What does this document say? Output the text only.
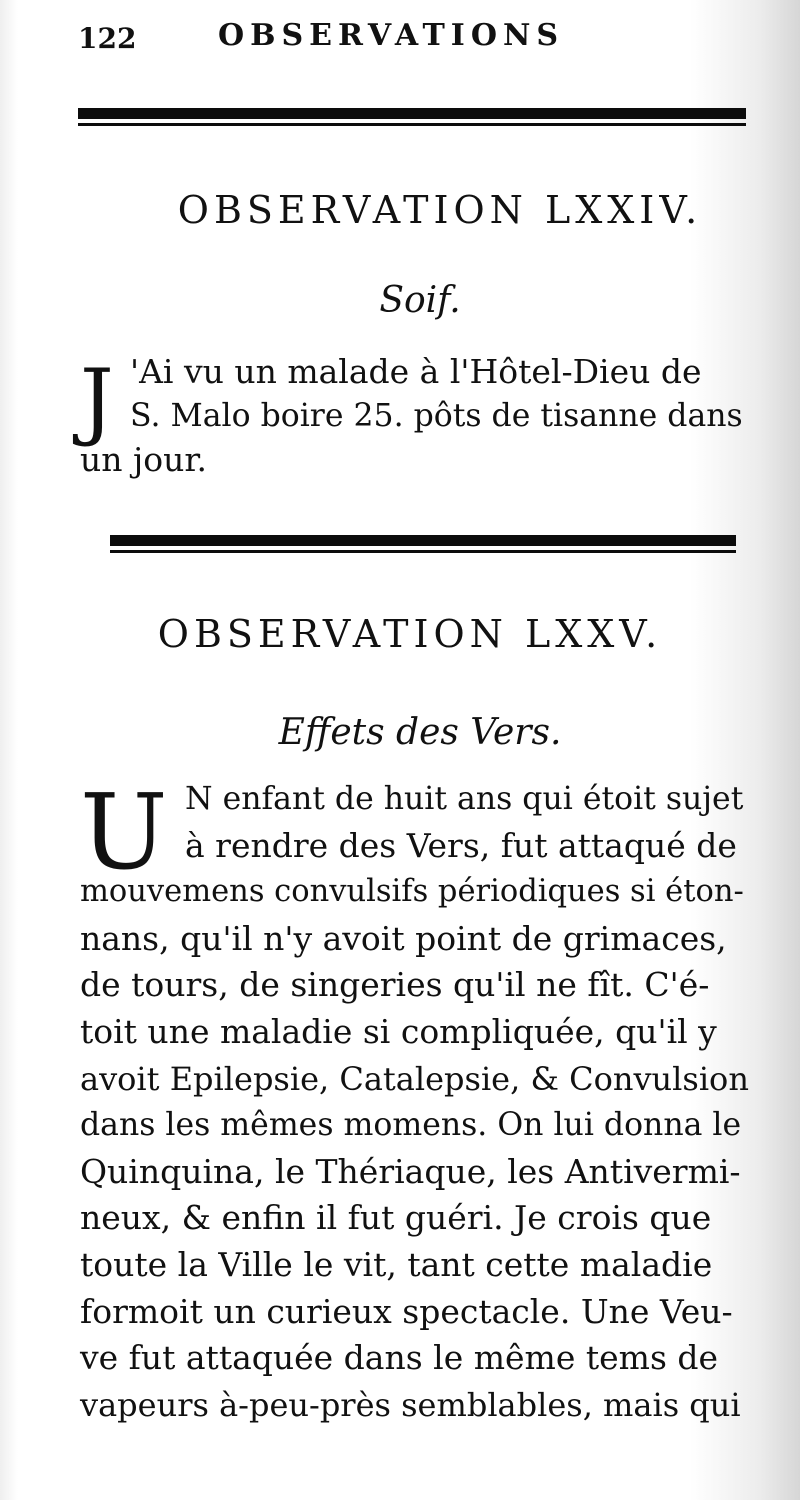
122	OBSERVATIONS
OBSERVATION LXXIV.
Soif.
J 'Ai vu un malade à l'Hôtel-Dieu de
S. Malo boire 25. pôts de tisanne dans
un jour.
OBSERVATION LXXV.
Effets des Vers.
U N enfant de huit ans qui étoit sujet
à rendre des Vers, fut attaqué de
mouvemens convulsifs périodiques si éton-
nans, qu'il n'y avoit point de grimaces,
de tours, de singeries qu'il ne fît. C'é-
toit une maladie si compliquée, qu'il y
avoit Epilepsie, Catalepsie, & Convulsion
dans les mêmes momens. On lui donna le
Quinquina, le Thériaque, les Antivermi-
neux, & enfin il fut guéri. Je crois que
toute la Ville le vit, tant cette maladie
formoit un curieux spectacle. Une Veu-
ve fut attaquée dans le même tems de
vapeurs à-peu-près semblables, mais qui
